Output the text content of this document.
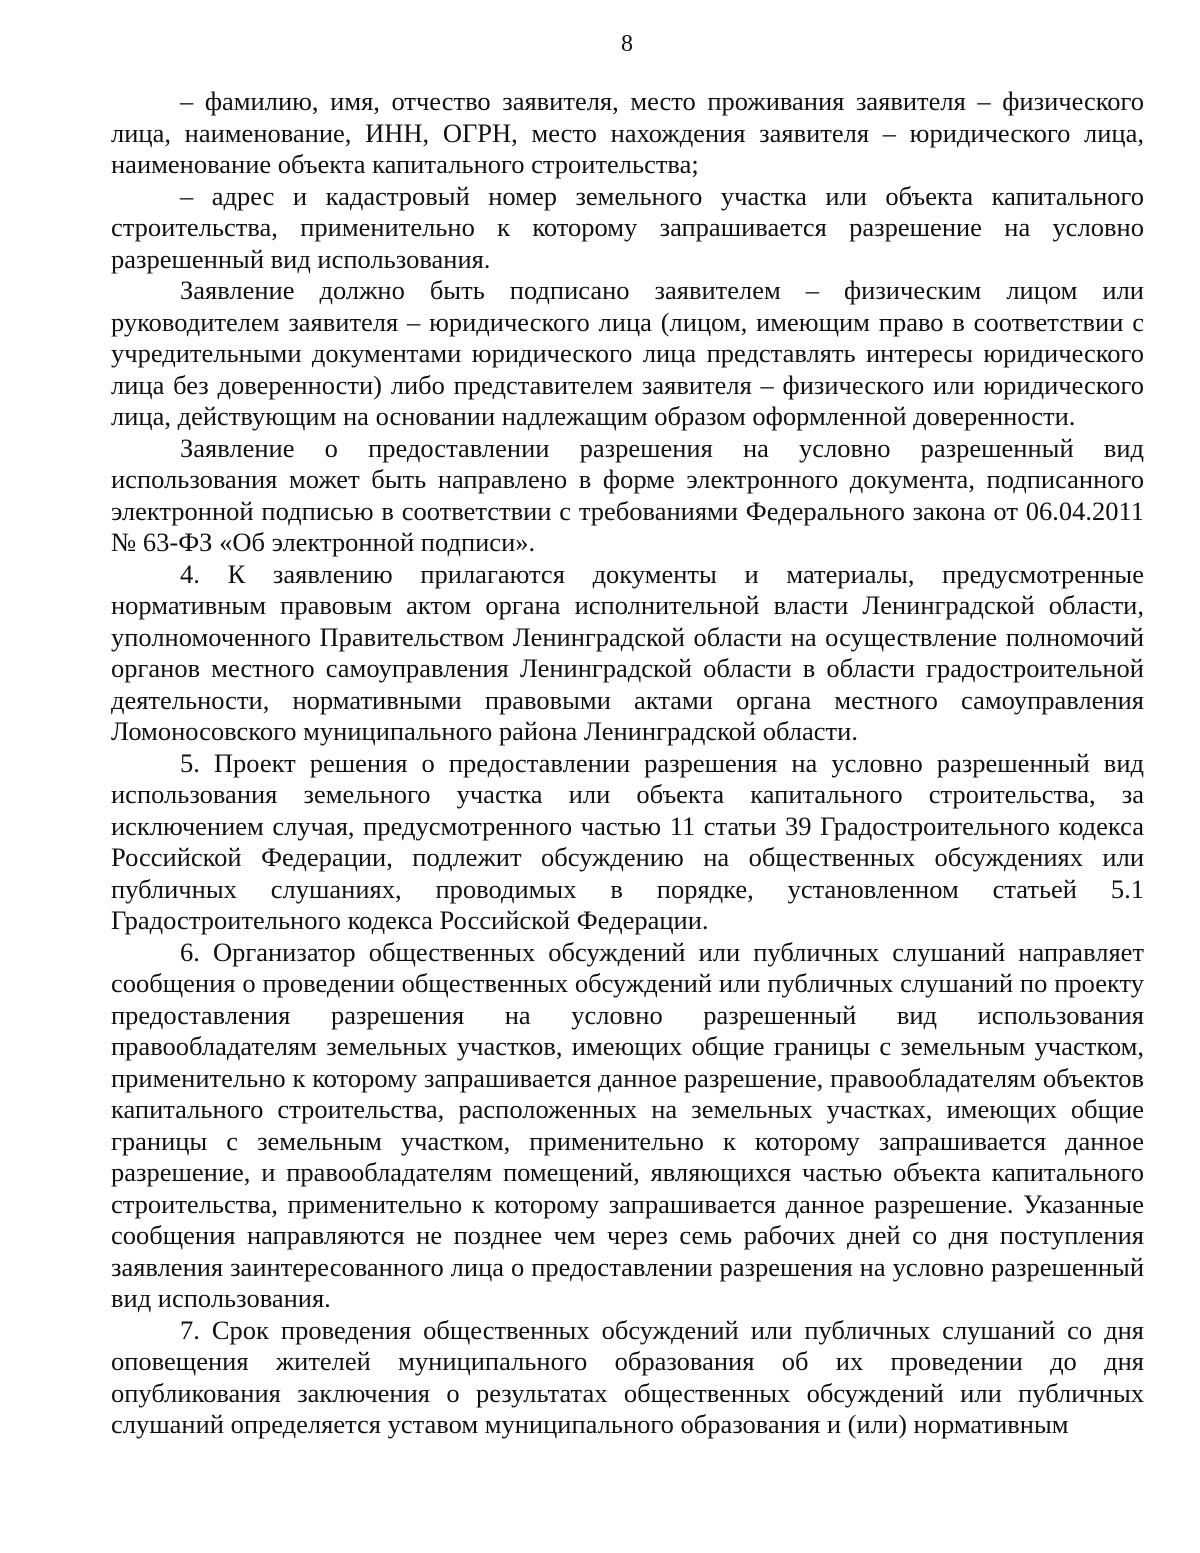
8

– фамилию, имя, отчество заявителя, место проживания заявителя – физического лица, наименование, ИНН, ОГРН, место нахождения заявителя – юридического лица, наименование объекта капитального строительства;

– адрес и кадастровый номер земельного участка или объекта капитального строительства, применительно к которому запрашивается разрешение на условно разрешенный вид использования.

Заявление должно быть подписано заявителем – физическим лицом или руководителем заявителя – юридического лица (лицом, имеющим право в соответствии с учредительными документами юридического лица представлять интересы юридического лица без доверенности) либо представителем заявителя – физического или юридического лица, действующим на основании надлежащим образом оформленной доверенности.

Заявление о предоставлении разрешения на условно разрешенный вид использования может быть направлено в форме электронного документа, подписанного электронной подписью в соответствии с требованиями Федерального закона от 06.04.2011 № 63-ФЗ «Об электронной подписи».

4. К заявлению прилагаются документы и материалы, предусмотренные нормативным правовым актом органа исполнительной власти Ленинградской области, уполномоченного Правительством Ленинградской области на осуществление полномочий органов местного самоуправления Ленинградской области в области градостроительной деятельности, нормативными правовыми актами органа местного самоуправления Ломоносовского муниципального района Ленинградской области.

5. Проект решения о предоставлении разрешения на условно разрешенный вид использования земельного участка или объекта капитального строительства, за исключением случая, предусмотренного частью 11 статьи 39 Градостроительного кодекса Российской Федерации, подлежит обсуждению на общественных обсуждениях или публичных слушаниях, проводимых в порядке, установленном статьей 5.1 Градостроительного кодекса Российской Федерации.

6. Организатор общественных обсуждений или публичных слушаний направляет сообщения о проведении общественных обсуждений или публичных слушаний по проекту предоставления разрешения на условно разрешенный вид использования правообладателям земельных участков, имеющих общие границы с земельным участком, применительно к которому запрашивается данное разрешение, правообладателям объектов капитального строительства, расположенных на земельных участках, имеющих общие границы с земельным участком, применительно к которому запрашивается данное разрешение, и правообладателям помещений, являющихся частью объекта капитального строительства, применительно к которому запрашивается данное разрешение. Указанные сообщения направляются не позднее чем через семь рабочих дней со дня поступления заявления заинтересованного лица о предоставлении разрешения на условно разрешенный вид использования.

7. Срок проведения общественных обсуждений или публичных слушаний со дня оповещения жителей муниципального образования об их проведении до дня опубликования заключения о результатах общественных обсуждений или публичных слушаний определяется уставом муниципального образования и (или) нормативным
